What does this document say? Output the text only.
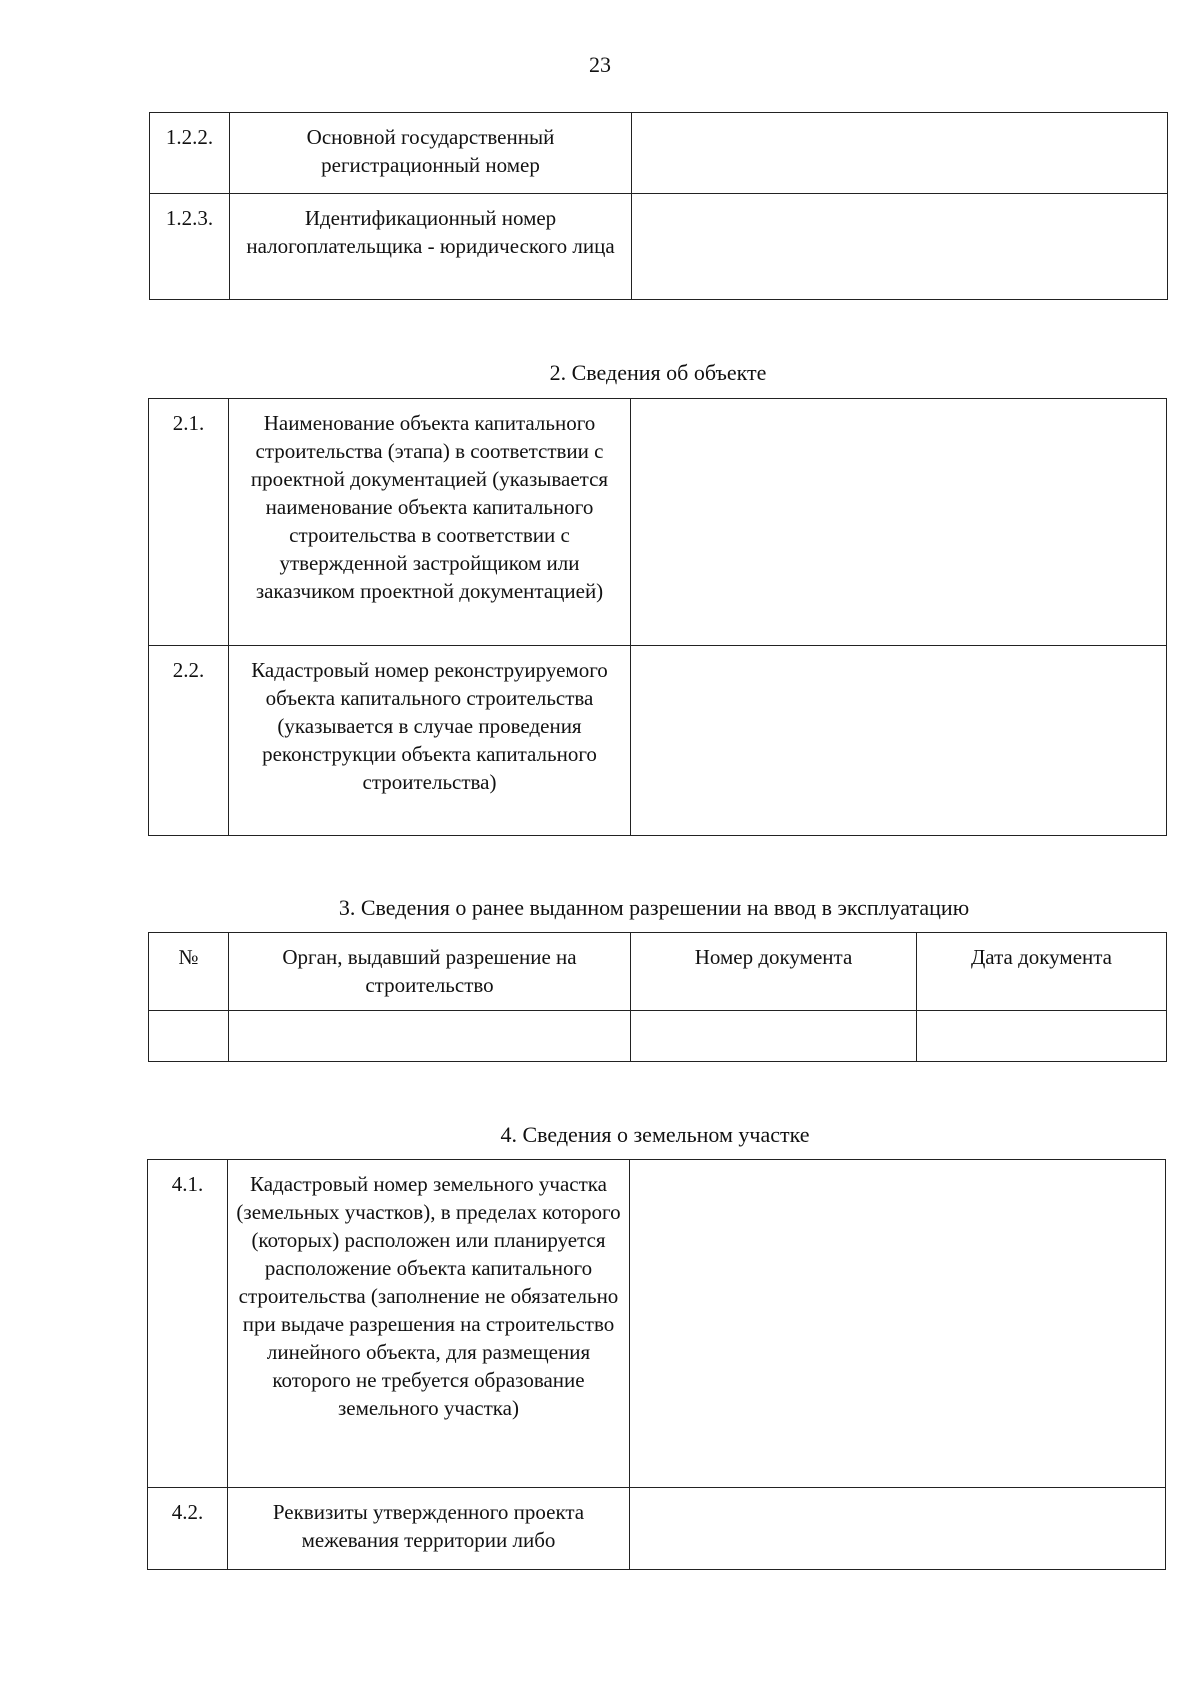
23
1.2.2.	Основной государственный регистрационный номер	
1.2.3.	Идентификационный номер налогоплательщика - юридического лица	
2. Сведения об объекте
2.1.	Наименование объекта капитального строительства (этапа) в соответствии с проектной документацией (указывается наименование объекта капитального строительства в соответствии с утвержденной застройщиком или заказчиком проектной документацией)	
2.2.	Кадастровый номер реконструируемого объекта капитального строительства (указывается в случае проведения реконструкции объекта капитального строительства)	
3. Сведения о ранее выданном разрешении на ввод в эксплуатацию
№	Орган, выдавший разрешение на строительство	Номер документа	Дата документа

4. Сведения о земельном участке
4.1.	Кадастровый номер земельного участка (земельных участков), в пределах которого (которых) расположен или планируется расположение объекта капитального строительства (заполнение не обязательно при выдаче разрешения на строительство линейного объекта, для размещения которого не требуется образование земельного участка)	
4.2.	Реквизиты утвержденного проекта межевания территории либо	
